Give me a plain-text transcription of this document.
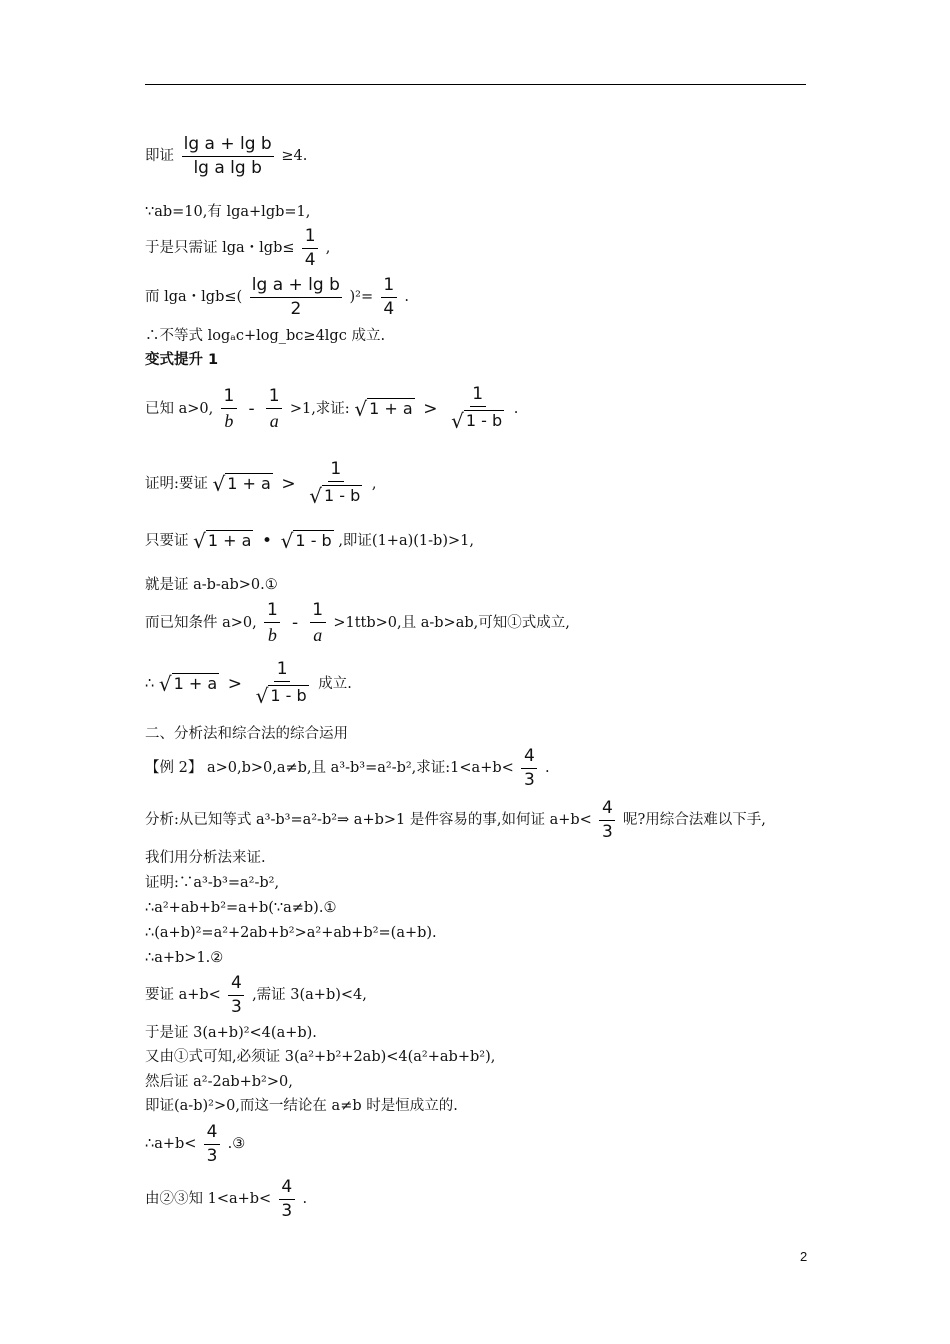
即证 $\frac{\text{lg a + lg b}}{\text{lg a lg b}} \ge 4$.
∵ab=10,有 lga+lgb=1,
于是只需证 lga・$\lg b\le \frac{1}{4}$ ,
而 lga・$\lg b\le( \frac{\text{lg a + lg b}}{2} )^2= \frac{1}{4}$ .
∴不等式 logₐc+log_bc≥4lgc 成立.
变式提升 1
已知 a>0, $\frac{1}{b} - \frac{1}{a} >1$,求证: √ $1 + a > \frac{1}{√ 1 - b}$ .
证明:要证 √ $1 + a > \frac{1}{√ 1 - b}$ ,
只要证 √ 1 + a • √ 1 - b ,即证(1+a)(1-b)>1,
就是证 a-b-ab>0.①
而已知条件 a>0, $\frac{1}{b} - \frac{1}{a} >1ttb>0$,且 a-b>ab,可知①式成立,
∴ √ $1 + a > \frac{1}{√ 1 - b}$ 成立.
二、分析法和综合法的综合运用
【例 2】 a>0,b>0,a≠b,且 a³-b³=a²-b²,求证:1<a+b< $\frac{4}{3}$ .
分析:从已知等式 a³-b³=a²-b²⇒ a+b>1 是件容易的事,如何证 $a+b< \frac{4}{3}$ 呢?用综合法难以下手,
我们用分析法来证.
证明:∵a³-b³=a²-b²,
∴a²+ab+b²=a+b(∵a≠b).①
∴(a+b)²=a²+2ab+b²>a²+ab+b²=(a+b).
∴a+b>1.②
要证 $a+b< \frac{4}{3}$ ,需证 3(a+b)<4,
于是证 3(a+b)²<4(a+b).
又由①式可知,必须证 3(a²+b²+2ab)<4(a²+ab+b²),
然后证 a²-2ab+b²>0,
即证(a-b)²>0,而这一结论在 a≠b 时是恒成立的.
∴a+b< $\frac{4}{3}$ .③
由②③知 $1<a+b< \frac{4}{3}$ .
2
